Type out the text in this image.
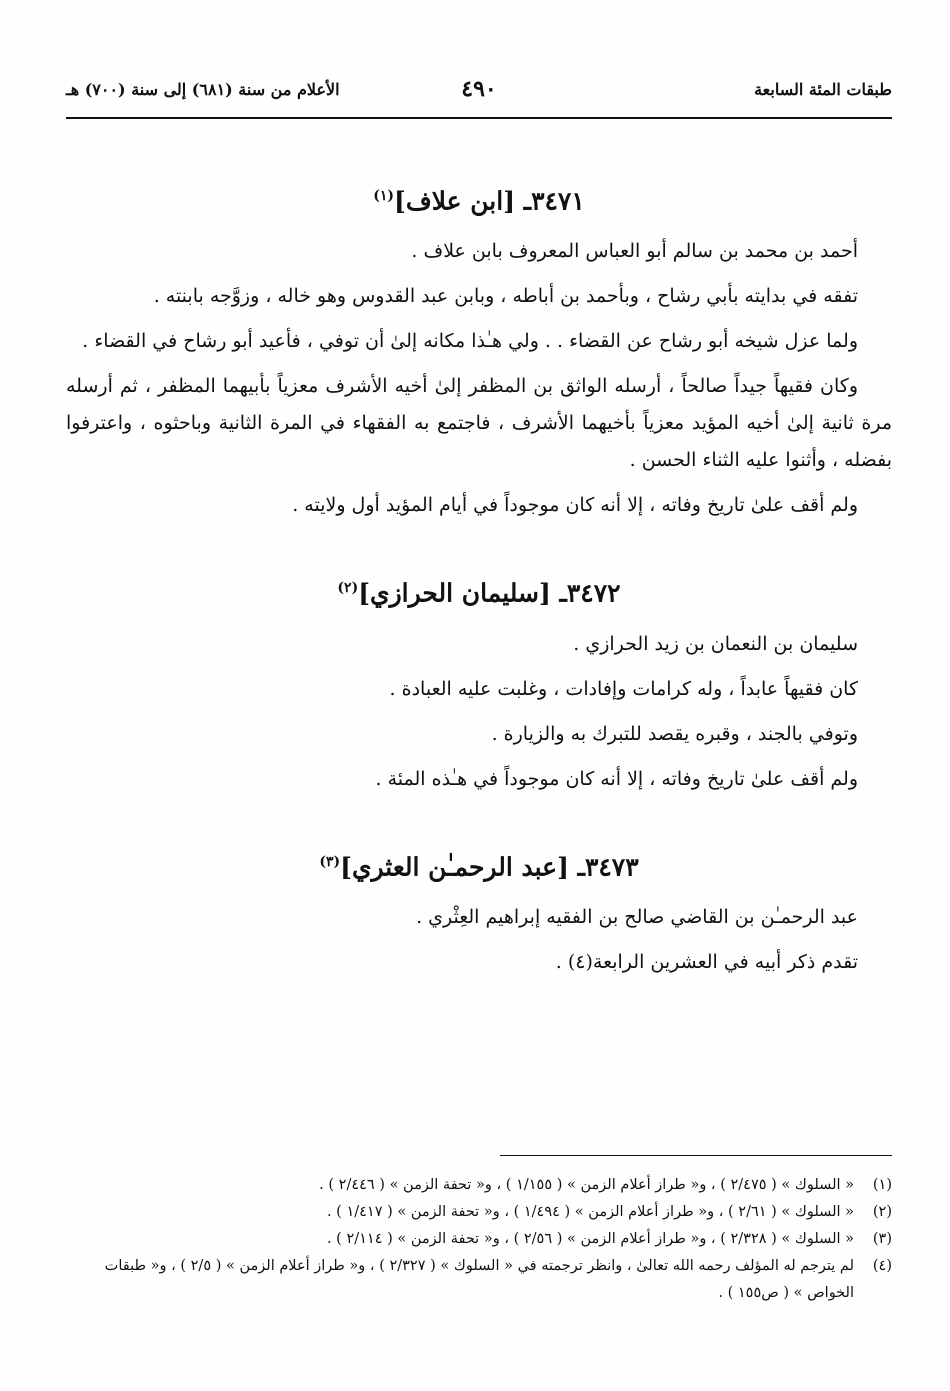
طبقات المئة السابعة
٤٩٠
الأعلام من سنة (٦٨١) إلى سنة (٧٠٠) هـ
٣٤٧١ـ [ابن علاف]$^{(١)}$

أحمد بن محمد بن سالم أبو العباس المعروف بابن علاف .

تفقه في بدايته بأبي رشاح ، وبأحمد بن أباطه ، وبابن عبد القدوس وهو خاله ، وزوَّجه بابنته .

ولما عزل شيخه أبو رشاح عن القضاء . . ولي هـٰذا مكانه إلىٰ أن توفي ، فأعيد أبو رشاح في القضاء .

وكان فقيهاً جيداً صالحاً ، أرسله الواثق بن المظفر إلىٰ أخيه الأشرف معزياً بأبيهما المظفر ، ثم أرسله مرة ثانية إلىٰ أخيه المؤيد معزياً بأخيهما الأشرف ، فاجتمع به الفقهاء في المرة الثانية وباحثوه ، واعترفوا بفضله ، وأثنوا عليه الثناء الحسن .

ولم أقف علىٰ تاريخ وفاته ، إلا أنه كان موجوداً في أيام المؤيد أول ولايته .

٣٤٧٢ـ [سليمان الحرازي]$^{(٢)}$

سليمان بن النعمان بن زيد الحرازي .

كان فقيهاً عابداً ، وله كرامات وإفادات ، وغلبت عليه العبادة .

وتوفي بالجند ، وقبره يقصد للتبرك به والزيارة .

ولم أقف علىٰ تاريخ وفاته ، إلا أنه كان موجوداً في هـٰذه المئة .

٣٤٧٣ـ [عبد الرحمـٰن العثري]$^{(٣)}$

عبد الرحمـٰن بن القاضي صالح بن الفقيه إبراهيم العِثْري .

تقدم ذكر أبيه في العشرين الرابعة(٤) .

(١)
« السلوك » ( ٢/٤٧٥ ) ، و« طراز أعلام الزمن » ( ١/١٥٥ ) ، و« تحفة الزمن » ( ٢/٤٤٦ ) .
(٢)
« السلوك » ( ٢/٦١ ) ، و« طراز أعلام الزمن » ( ١/٤٩٤ ) ، و« تحفة الزمن » ( ١/٤١٧ ) .
(٣)
« السلوك » ( ٢/٣٢٨ ) ، و« طراز أعلام الزمن » ( ٢/٥٦ ) ، و« تحفة الزمن » ( ٢/١١٤ ) .
(٤)
لم يترجم له المؤلف رحمه الله تعالىٰ ، وانظر ترجمته في « السلوك » ( ٢/٣٢٧ ) ، و« طراز أعلام الزمن » ( ٢/٥ ) ، و« طبقات الخواص » ( ص١٥٥ ) .
